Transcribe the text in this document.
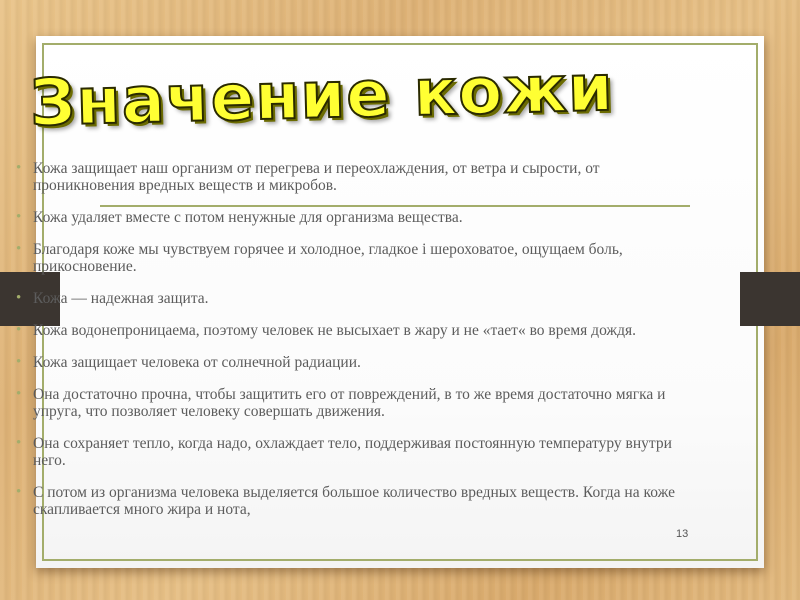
Значение кожи
• Кожа защищает наш организм от перегрева и переохлаждения, от ветра и сырости, от проникновения вредных веществ и микробов.
• Кожа удаляет вместе с потом ненужные для организма вещества.
• Благодаря коже мы чувствуем горячее и холодное, гладкое і шероховатое, ощущаем боль, прикосновение.
• Кожа — надежная защита.
• Кожа водонепроницаема, поэтому человек не высыхает в жару и не «тает« во время дождя.
• Кожа защищает человека от солнечной радиации.
• Она достаточно прочна, чтобы защитить его от повреждений, в то же время достаточно мягка и упруга, что позволяет человеку совершать движения.
• Она сохраняет тепло, когда надо, охлаждает тело, поддерживая постоянную температуру внутри него.
• С потом из организма человека выделяется большое количество вредных веществ. Когда на коже скапливается много жира и нота,
13
